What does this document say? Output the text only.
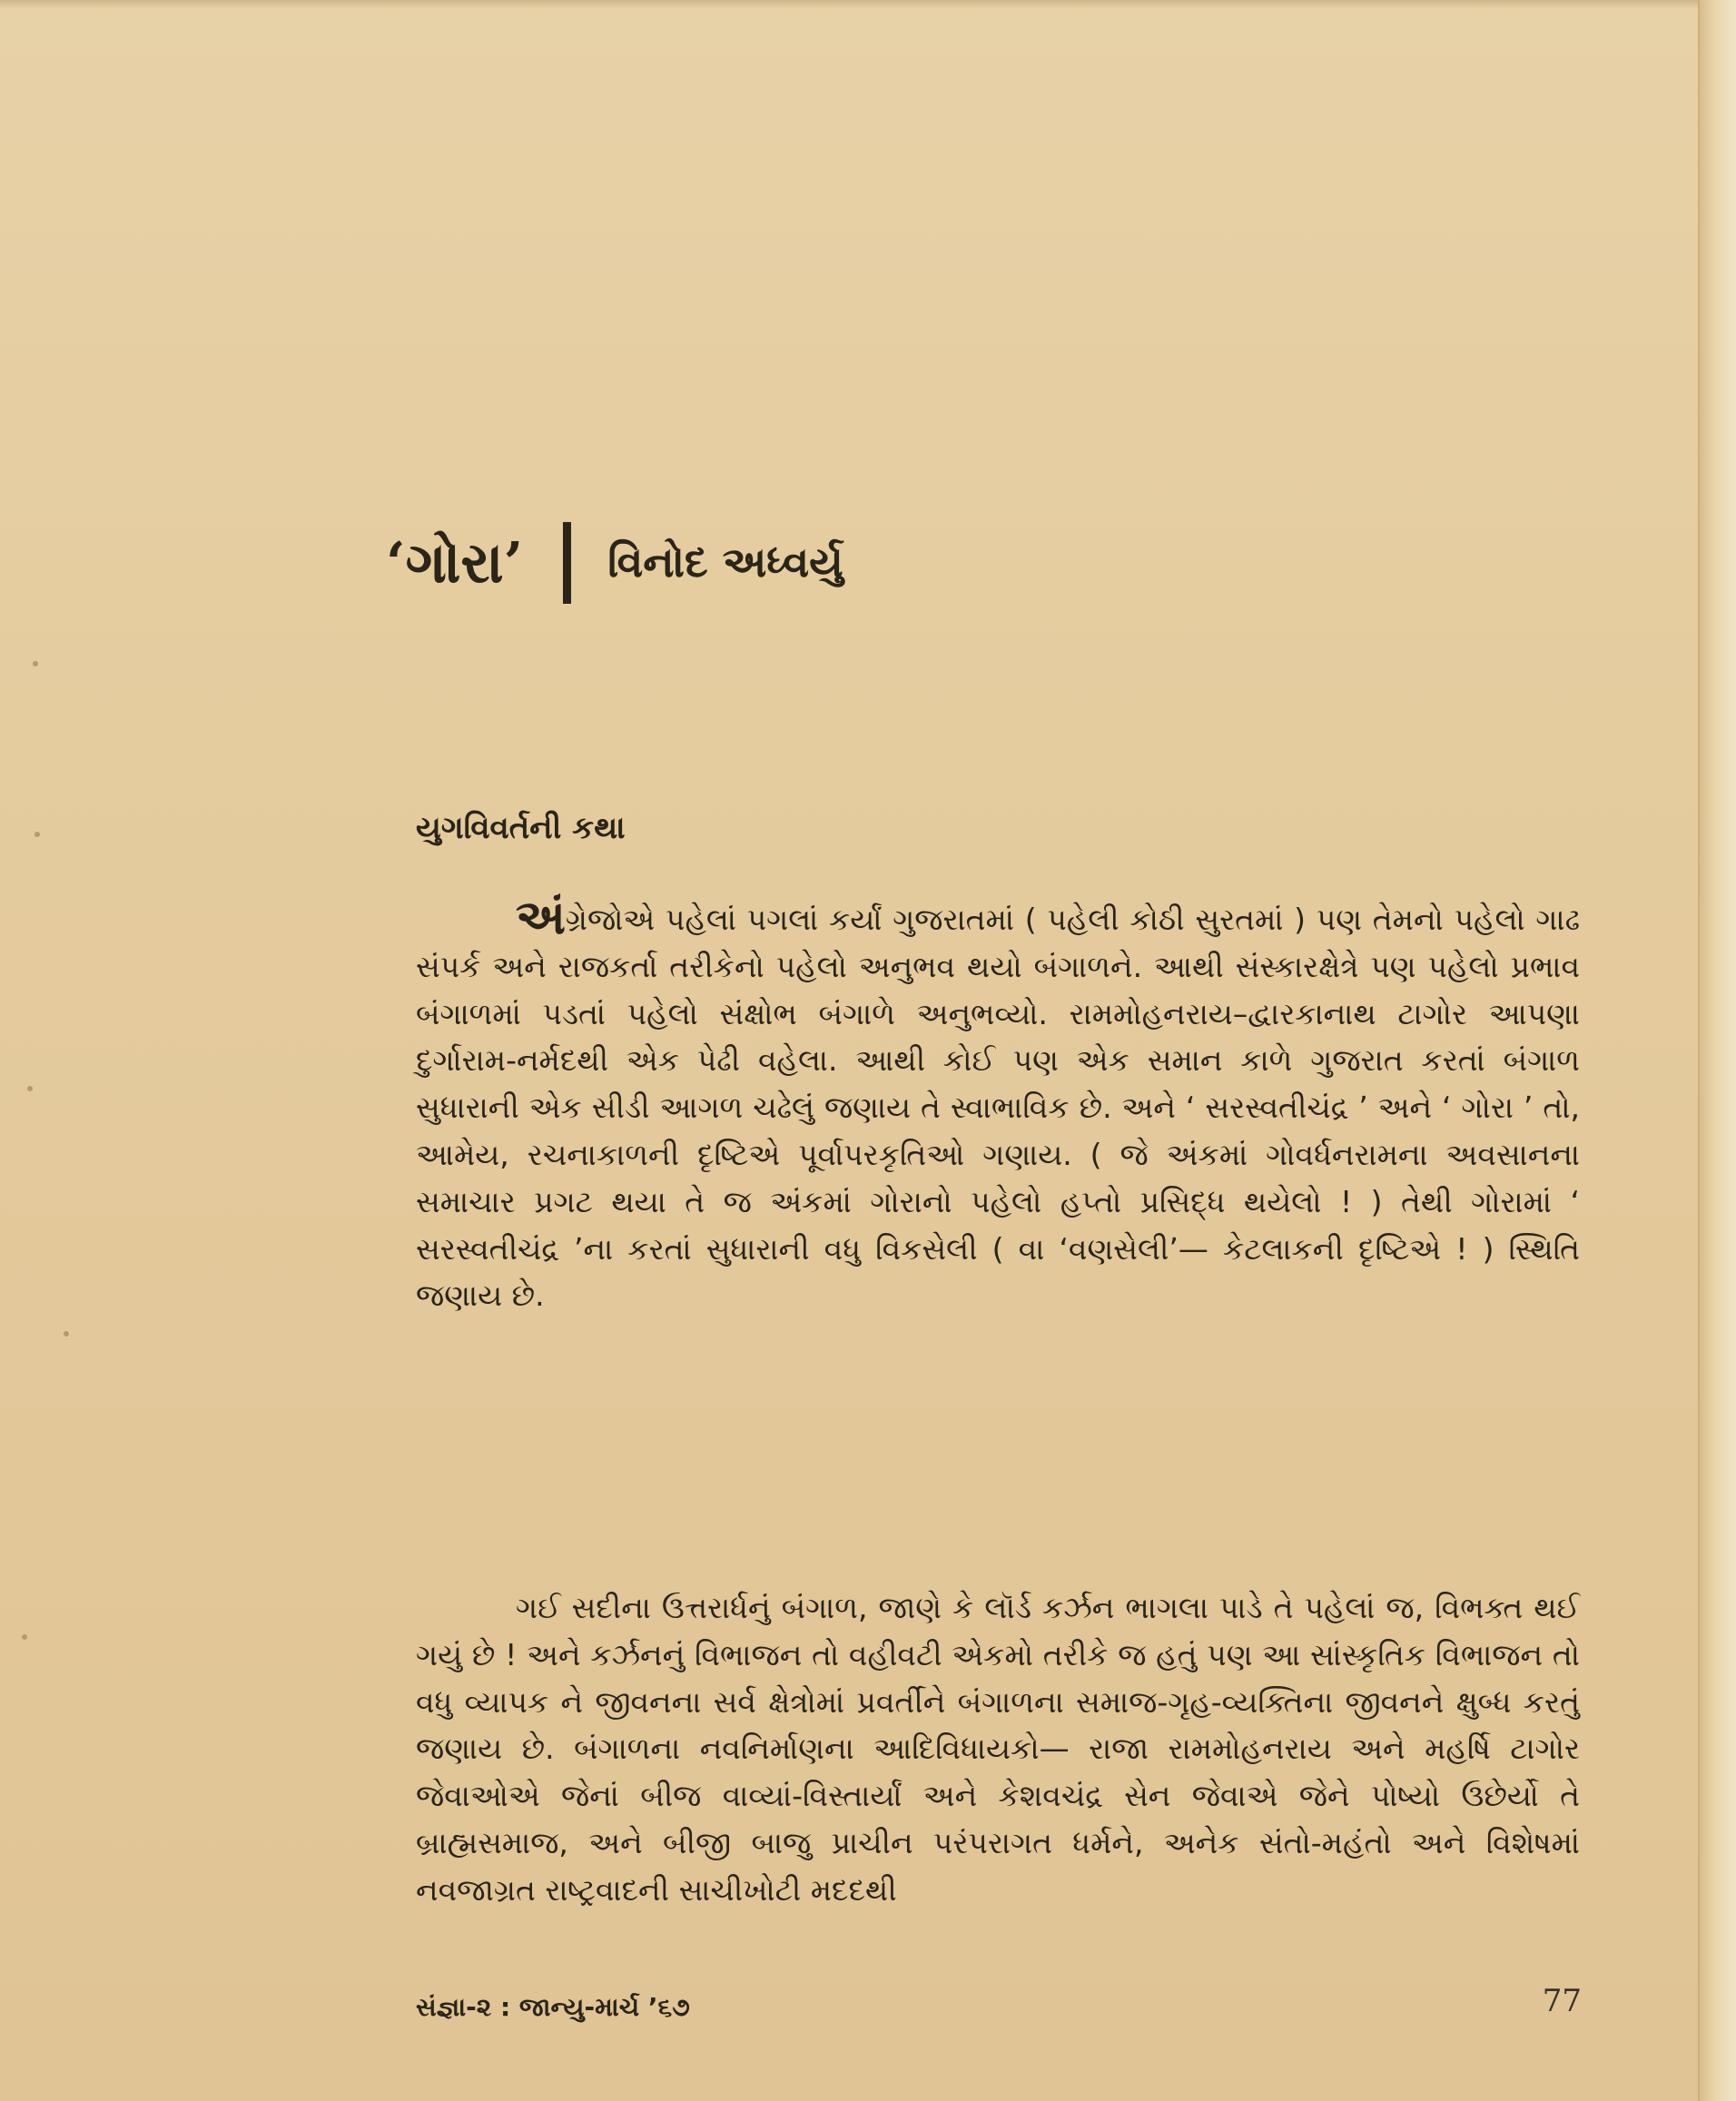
‘ગોરા’ વિનોદ અધ્વર્યુ
યુગવિવર્તની કથા
અંગ્રેજોએ પહેલાં પગલાં કર્યાં ગુજરાતમાં ( પહેલી કોઠી સુરતમાં ) પણ તેમનો પહેલો ગાઢ સંપર્ક અને રાજકર્તા તરીકેનો પહેલો અનુભવ થયો બંગાળને. આથી સંસ્કારક્ષેત્રે પણ પહેલો પ્રભાવ બંગાળમાં પડતાં પહેલો સંક્ષોભ બંગાળે અનુભવ્યો. રામમોહનરાય–દ્વારકાનાથ ટાગોર આપણા દુર્ગારામ-નર્મદથી એક પેઢી વહેલા. આથી કોઈ પણ એક સમાન કાળે ગુજરાત કરતાં બંગાળ સુધારાની એક સીડી આગળ ચઢેલું જણાય તે સ્વાભાવિક છે. અને ‘ સરસ્વતીચંદ્ર ’ અને ‘ ગોરા ’ તો, આમેય, રચનાકાળની દૃષ્ટિએ પૂર્વાપરકૃતિઓ ગણાય. ( જે અંકમાં ગોવર્ધનરામના અવસાનના સમાચાર પ્રગટ થયા તે જ અંકમાં ગોરાનો પહેલો હપ્તો પ્રસિદ્ધ થયેલો ! ) તેથી ગોરામાં ‘ સરસ્વતીચંદ્ર ’ના કરતાં સુધારાની વધુ વિકસેલી ( વા ‘વણસેલી’— કેટલાકની દૃષ્ટિએ ! ) સ્થિતિ જણાય છે.
ગઈ સદીના ઉત્તરાર્ધનું બંગાળ, જાણે કે લૉર્ડ કર્ઝન ભાગલા પાડે તે પહેલાં જ, વિભક્ત થઈ ગયું છે ! અને કર્ઝનનું વિભાજન તો વહીવટી એકમો તરીકે જ હતું પણ આ સાંસ્કૃતિક વિભાજન તો વધુ વ્યાપક ને જીવનના સર્વ ક્ષેત્રોમાં પ્રવર્તીને બંગાળના સમાજ-ગૃહ-વ્યક્તિના જીવનને ક્ષુબ્ધ કરતું જણાય છે. બંગાળના નવનિર્માણના આદિવિધાયકો— રાજા રામમોહનરાય અને મહર્ષિ ટાગોર જેવાઓએ જેનાં બીજ વાવ્યાં-વિસ્તાર્યાં અને કેશવચંદ્ર સેન જેવાએ જેને પોષ્યો ઉછેર્યો તે બ્રાહ્મસમાજ, અને બીજી બાજુ પ્રાચીન પરંપરાગત ધર્મને, અનેક સંતો-મહંતો અને વિશેષમાં નવજાગ્રત રાષ્ટ્રવાદની સાચીખોટી મદદથી
સંજ્ઞા-૨ : જાન્યુ-માર્ચ ’૬૭	77
